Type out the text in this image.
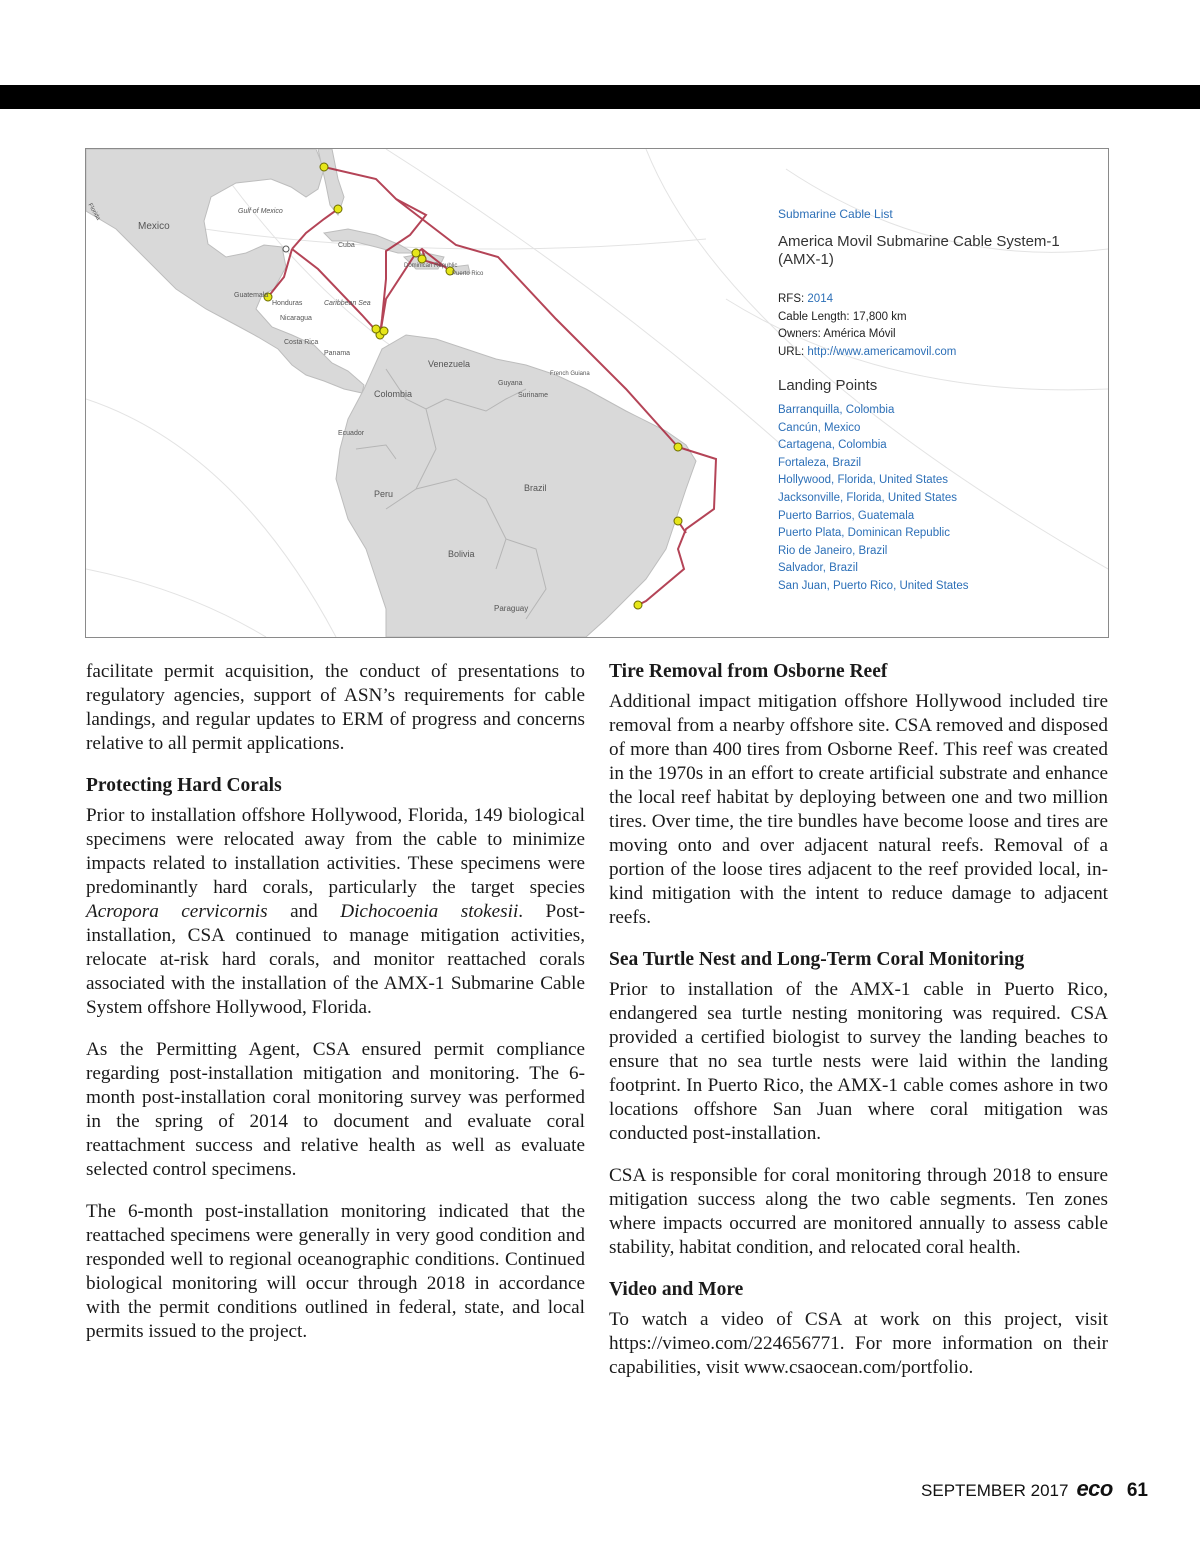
Mexico
Gulf of Mexico
Cuba
Dominican Republic
Puerto Rico
Guatemala
Honduras
Nicaragua
Costa Rica
Panama
Caribbean Sea
Venezuela
Guyana
Suriname
French Guiana
Colombia
Ecuador
Peru
Brazil
Bolivia
Paraguay
Florida	Submarine Cable List
America Movil Submarine Cable System-1
(AMX-1)
RFS: 2014
Cable Length: 17,800 km
Owners: América Móvil
URL: http://www.americamovil.com
Landing Points
Barranquilla, Colombia
Cancún, Mexico
Cartagena, Colombia
Fortaleza, Brazil
Hollywood, Florida, United States
Jacksonville, Florida, United States
Puerto Barrios, Guatemala
Puerto Plata, Dominican Republic
Rio de Janeiro, Brazil
Salvador, Brazil
San Juan, Puerto Rico, United States

facilitate permit acquisition, the conduct of presentations to regulatory agencies, support of ASN’s requirements for cable landings, and regular updates to ERM of progress and concerns relative to all permit applications.

Protecting Hard Corals

Prior to installation offshore Hollywood, Florida, 149 biological specimens were relocated away from the cable to minimize impacts related to installation activities. These specimens were predominantly hard corals, particularly the target species Acropora cervicornis and Dichocoenia stokesii. Post-installation, CSA continued to manage mitigation activities, relocate at-risk hard corals, and monitor reattached corals associated with the installation of the AMX-1 Submarine Cable System offshore Hollywood, Florida.

As the Permitting Agent, CSA ensured permit compliance regarding post-installation mitigation and monitoring. The 6-month post-installation coral monitoring survey was performed in the spring of 2014 to document and evaluate coral reattachment success and relative health as well as evaluate selected control specimens.

The 6-month post-installation monitoring indicated that the reattached specimens were generally in very good condition and responded well to regional oceanographic conditions. Continued biological monitoring will occur through 2018 in accordance with the permit conditions outlined in federal, state, and local permits issued to the project.

Tire Removal from Osborne Reef

Additional impact mitigation offshore Hollywood included tire removal from a nearby offshore site. CSA removed and disposed of more than 400 tires from Osborne Reef. This reef was created in the 1970s in an effort to create artificial substrate and enhance the local reef habitat by deploying between one and two million tires. Over time, the tire bundles have become loose and tires are moving onto and over adjacent natural reefs. Removal of a portion of the loose tires adjacent to the reef provided local, in-kind mitigation with the intent to reduce damage to adjacent reefs.

Sea Turtle Nest and Long-Term Coral Monitoring

Prior to installation of the AMX-1 cable in Puerto Rico, endangered sea turtle nesting monitoring was required. CSA provided a certified biologist to survey the landing beaches to ensure that no sea turtle nests were laid within the landing footprint. In Puerto Rico, the AMX-1 cable comes ashore in two locations offshore San Juan where coral mitigation was conducted post-installation.

CSA is responsible for coral monitoring through 2018 to ensure mitigation success along the two cable segments. Ten zones where impacts occurred are monitored annually to assess cable stability, habitat condition, and relocated coral health.

Video and More

To watch a video of CSA at work on this project, visit https://vimeo.com/224656771. For more information on their capabilities, visit www.csaocean.com/portfolio.

SEPTEMBER 2017 eco 61
